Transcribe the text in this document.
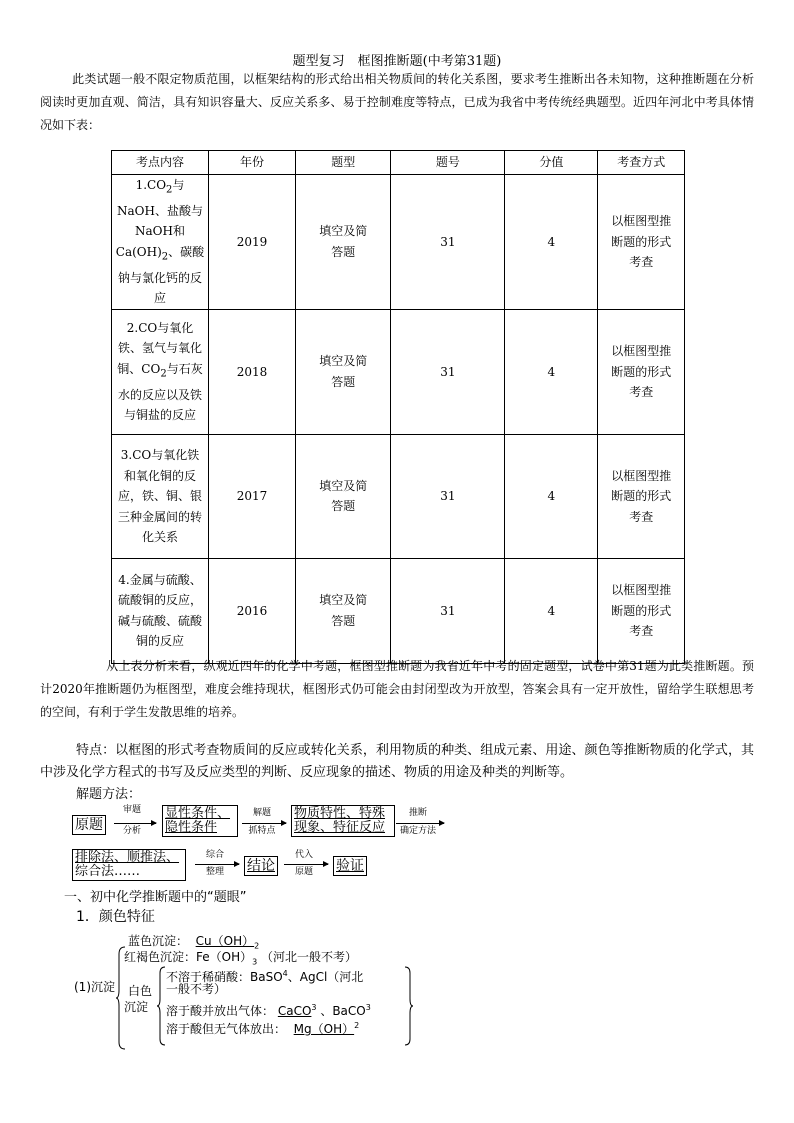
题型复习　框图推断题(中考第31题)
此类试题一般不限定物质范围，以框架结构的形式给出相关物质间的转化关系图，要求考生推断出各未知物，这种推断题在分析阅读时更加直观、简洁，具有知识容量大、反应关系多、易于控制难度等特点，已成为我省中考传统经典题型。近四年河北中考具体情况如下表：
考点内容	年份	题型	题号	分值	考查方式
$1.CO_2$与NaOH、盐酸与NaOH和$Ca(OH)_2$、碳酸钠与氯化钙的反应	2019	填空及简答题	31	4	以框图型推断题的形式考查
2.CO与氧化铁、氢气与氧化铜、$CO_2$与石灰水的反应以及铁与铜盐的反应	2018	填空及简答题	31	4	以框图型推断题的形式考查
3.CO与氧化铁和氧化铜的反应，铁、铜、银三种金属间的转化关系	2017	填空及简答题	31	4	以框图型推断题的形式考查
4.金属与硫酸、硫酸铜的反应，碱与硫酸、硫酸铜的反应	2016	填空及简答题	31	4	以框图型推断题的形式考查
从上表分析来看，纵观近四年的化学中考题，框图型推断题为我省近年中考的固定题型，试卷中第31题为此类推断题。预计2020年推断题仍为框图型，难度会维持现状，框图形式仍可能会由封闭型改为开放型，答案会具有一定开放性，留给学生联想思考的空间，有利于学生发散思维的培养。
特点：以框图的形式考查物质间的反应或转化关系，利用物质的种类、组成元素、用途、颜色等推断物质的化学式，其中涉及化学方程式的书写及反应类型的判断、反应现象的描述、物质的用途及种类的判断等。
解题方法：
原题
审题
分析
显性条件、
隐性条件
解题
抓特点
物质特性、特殊
现象、特征反应
推断
确定方法
排除法、顺推法、
综合法……
综合
整理	结论
代入
原题	验证
一、初中化学推断题中的“题眼”
1．颜色特征
(1)沉淀
蓝色沉淀： $Cu(OH)_2$
红褐色沉淀：$Fe(OH)_3$ （河北一般不考）
白色
沉淀
不溶于稀硝酸：BaSO$^4$、AgCl（河北
一般不考）
溶于酸并放出气体： CaCO$^3$ 、BaCO$^3$
溶于酸但无气体放出： Mg（OH）$^2$
